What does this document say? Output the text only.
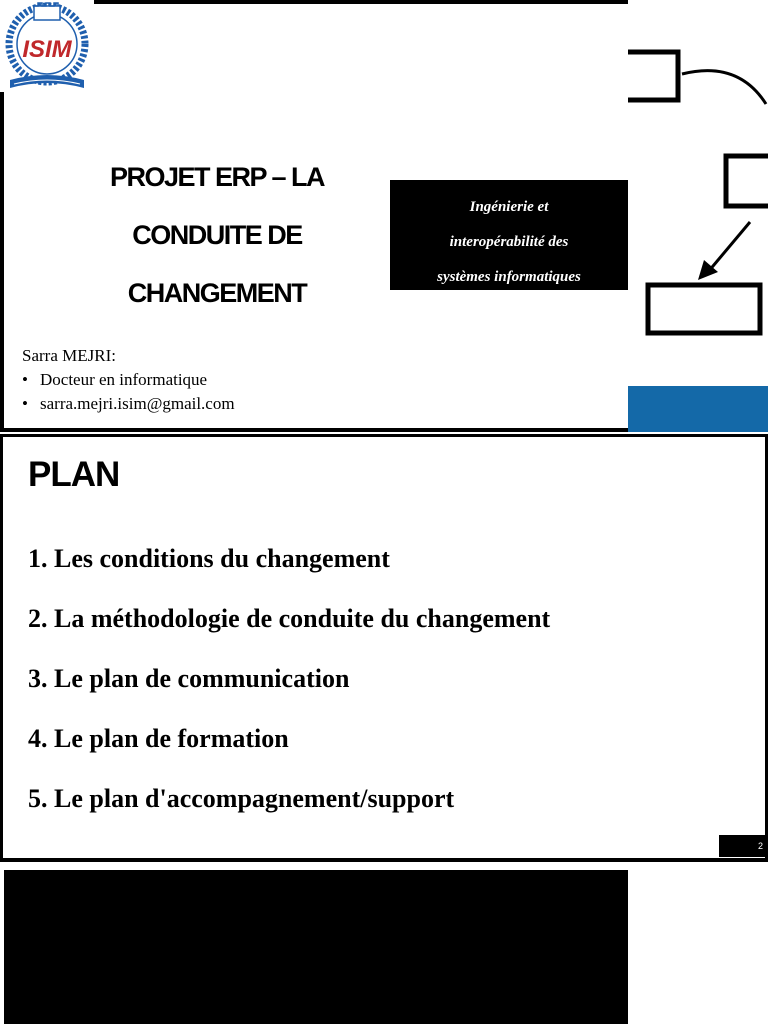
ISIM
PROJET ERP – LA
CONDUITE DE
CHANGEMENT
Ingénierie et
interopérabilité des
systèmes informatiques
Sarra MEJRI:
• Docteur en informatique
• sarra.mejri.isim@gmail.com
PLAN
1. Les conditions du changement
2. La méthodologie de conduite du changement
3. Le plan de communication
4. Le plan de formation
5. Le plan d'accompagnement/support
2
